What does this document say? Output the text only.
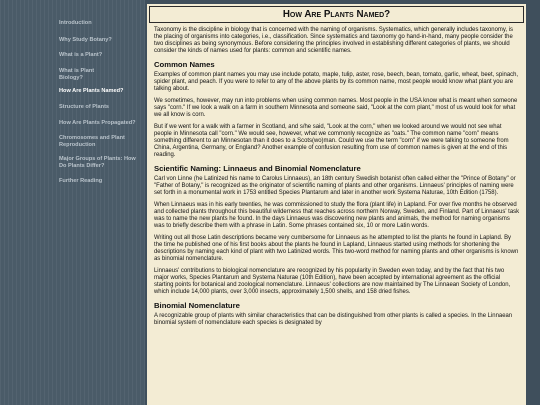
Introduction
Why Study Botany?
What is a Plant?
What is Plant Biology?
How Are Plants Named?
Structure of Plants
How Are Plants Propagated?
Chromosomes and Plant Reproduction
Major Groups of Plants: How Do Plants Differ?
Further Reading
How Are Plants Named?

Taxonomy is the discipline in biology that is concerned with the naming of organisms. Systematics, which generally includes taxonomy, is the placing of organisms into categories, i.e., classification. Since systematics and taxonomy go hand-in-hand, many people consider the two disciplines as being synonymous. Before considering the principles involved in establishing different categories of plants, we should consider the kinds of names used for plants: common and scientific names.

Common Names

Examples of common plant names you may use include potato, maple, tulip, aster, rose, beech, bean, tomato, garlic, wheat, beet, spinach, spider plant, and peach. If you were to refer to any of the above plants by its common name, most people would know what plant you are talking about.

We sometimes, however, may run into problems when using common names. Most people in the USA know what is meant when someone says "corn." If we look a walk on a farm in southern Minnesota and someone said, "Look at the corn plant," most of us would look for what we all know is corn.

But if we went for a walk with a farmer in Scotland, and s/he said, "Look at the corn," when we looked around we would not see what people in Minnesota call "corn." We would see, however, what we commonly recognize as "oats." The common name "corn" means something different to an Minnesotan than it does to a Scots(wo)man. Could we use the term "corn" if we were talking to someone from China, Argentina, Germany, or England? Another example of confusion resulting from use of common names is given at the end of this reading.

Scientific Naming: Linnaeus and Binomial Nomenclature

Carl von Linne (he Latinized his name to Carolus Linnaeus), an 18th century Swedish botanist often called either the "Prince of Botany" or "Father of Botany," is recognized as the originator of scientific naming of plants and other organisms. Linnaeus' principles of naming were set forth in a monumental work in 1753 entitled Species Plantarum and later in another work Systema Naturae, 10th Edition (1758).

When Linnaeus was in his early twenties, he was commissioned to study the flora (plant life) in Lapland. For over five months he observed and collected plants throughout this beautiful wilderness that reaches across northern Norway, Sweden, and Finland. Part of Linnaeus' task was to name the new plants he found. In the days Linnaeus was discovering new plants and animals, the method for naming organisms was to briefly describe them with a phrase in Latin. Some phrases contained six, 10 or more Latin words.

Writing out all those Latin descriptions became very cumbersome for Linnaeus as he attempted to list the plants he found in Lapland. By the time he published one of his first books about the plants he found in Lapland, Linnaeus started using methods for shortening the descriptions by naming each kind of plant with two Latinized words. This two-word method for naming plants and other organisms is known as binomial nomenclature.

Linnaeus' contributions to biological nomenclature are recognized by his popularity in Sweden even today, and by the fact that his two major works, Species Plantarum and Systema Naturae (10th Edition), have been accepted by international agreement as the official starting points for botanical and zoological nomenclature. Linnaeus' collections are now maintained by The Linnaean Society of London, which include 14,000 plants, over 3,000 insects, approximately 1,500 shells, and 158 dried fishes.

Binomial Nomenclature

A recognizable group of plants with similar characteristics that can be distinguished from other plants is called a species. In the Linnaean binomial system of nomenclature each species is designated by
